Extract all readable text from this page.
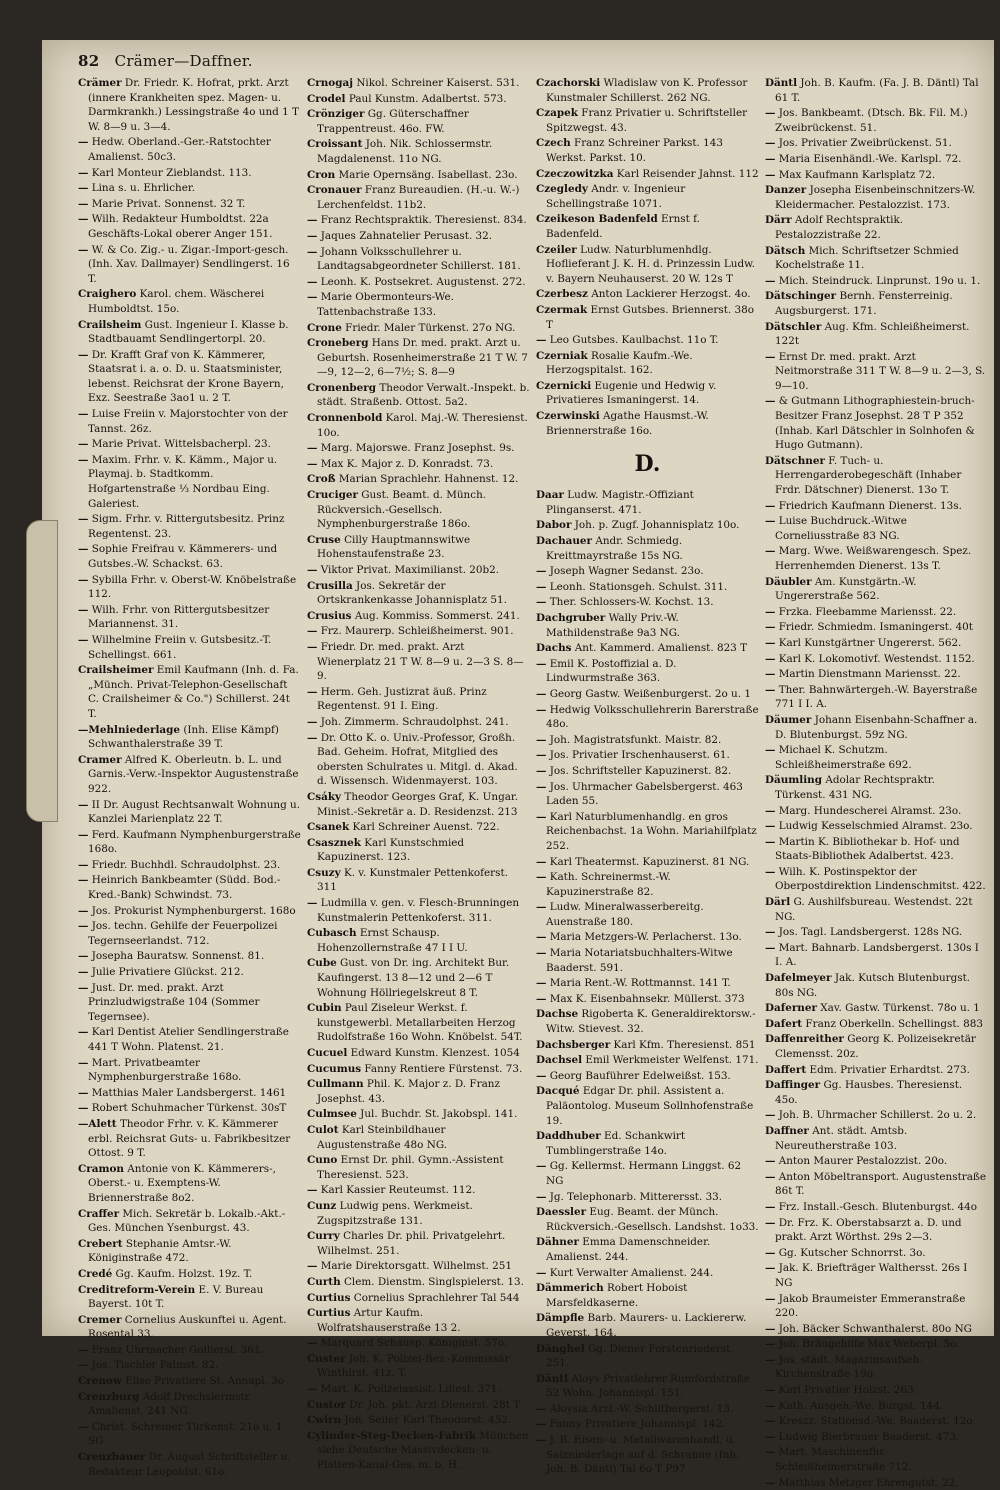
82 Crämer—Daffner.
Crämer Dr. Friedr. K. Hofrat, prkt. Arzt (innere Krankheiten spez. Magen- u. Darmkrankh.) Lessingstraße 4o und 1 T W. 8—9 u. 3—4.
— Hedw. Oberland.-Ger.-Ratstochter Amalienst. 50c3.
— Karl Monteur Zieblandst. 113.
— Lina s. u. Ehrlicher.
— Marie Privat. Sonnenst. 32 T.
— Wilh. Redakteur Humboldtst. 22a Geschäfts-Lokal oberer Anger 151.
— W. & Co. Zig.- u. Zigar.-Import-gesch. (Inh. Xav. Dallmayer) Sendlingerst. 16 T.
Craighero Karol. chem. Wäscherei Humboldtst. 15o.
Crailsheim Gust. Ingenieur I. Klasse b. Stadtbauamt Sendlingertorpl. 20.
— Dr. Krafft Graf von K. Kämmerer, Staatsrat i. a. o. D. u. Staatsminister, lebenst. Reichsrat der Krone Bayern, Exz. Seestraße 3ao1 u. 2 T.
— Luise Freiin v. Majorstochter von der Tannst. 26z.
— Marie Privat. Wittelsbacherpl. 23.
— Maxim. Frhr. v. K. Kämm., Major u. Playmaj. b. Stadtkomm. Hofgartenstraße ⅓ Nordbau Eing. Galeriest.
— Sigm. Frhr. v. Rittergutsbesitz. Prinz Regentenst. 23.
— Sophie Freifrau v. Kämmerers- und Gutsbes.-W. Schackst. 63.
— Sybilla Frhr. v. Oberst-W. Knöbelstraße 112.
— Wilh. Frhr. von Rittergutsbesitzer Mariannenst. 31.
— Wilhelmine Freiin v. Gutsbesitz.-T. Schellingst. 661.
Crailsheimer Emil Kaufmann (Inh. d. Fa. „Münch. Privat-Telephon-Gesellschaft C. Crailsheimer & Co.") Schillerst. 24t T.
—Mehlniederlage (Inh. Elise Kämpf) Schwanthalerstraße 39 T.
Cramer Alfred K. Oberleutn. b. L. und Garnis.-Verw.-Inspektor Augustenstraße 922.
— II Dr. August Rechtsanwalt Wohnung u. Kanzlei Marienplatz 22 T.
— Ferd. Kaufmann Nymphenburgerstraße 168o.
— Friedr. Buchhdl. Schraudolphst. 23.
— Heinrich Bankbeamter (Südd. Bod.-Kred.-Bank) Schwindst. 73.
— Jos. Prokurist Nymphenburgerst. 168o
— Jos. techn. Gehilfe der Feuerpolizei Tegernseerlandst. 712.
— Josepha Bauratsw. Sonnenst. 81.
— Julie Privatiere Glückst. 212.
— Just. Dr. med. prakt. Arzt Prinzludwigstraße 104 (Sommer Tegernsee).
— Karl Dentist Atelier Sendlingerstraße 441 T Wohn. Platenst. 21.
— Mart. Privatbeamter Nymphenburgerstraße 168o.
— Matthias Maler Landsbergerst. 1461
— Robert Schuhmacher Türkenst. 30sT
—Alett Theodor Frhr. v. K. Kämmerer erbl. Reichsrat Guts- u. Fabrikbesitzer Ottost. 9 T.
Cramon Antonie von K. Kämmerers-, Oberst.- u. Exemptens-W. Briennerstraße 8o2.
Craffer Mich. Sekretär b. Lokalb.-Akt.-Ges. München Ysenburgst. 43.
Crebert Stephanie Amtsr.-W. Königinstraße 472.
Credé Gg. Kaufm. Holzst. 19z. T.
Creditreform-Verein E. V. Bureau Bayerst. 10t T.
Cremer Cornelius Auskunftei u. Agent. Rosental 33.
— Franz Uhrmacher Gollierst. 361.
— Jos. Tischler Palmst. 82.
Crenow Elise Privatiere St. Annapl. 3o
Crenzburg Adolf Drechslermstr. Amalienst. 241 NG.
— Christ. Schreiner Türkenst. 21o u. 1 SG
Crenzbauer Dr. August Schriftsteller u. Redakteur Leopoldst. 61o.
Crnogaj Nikol. Schreiner Kaiserst. 531.
Crodel Paul Kunstm. Adalbertst. 573.
Crönziger Gg. Güterschaffner Trappentreust. 46o. FW.
Croissant Joh. Nik. Schlossermstr. Magdalenenst. 11o NG.
Cron Marie Opernsäng. Isabellast. 23o.
Cronauer Franz Bureaudien. (H.-u. W.-) Lerchenfeldst. 11b2.
— Franz Rechtspraktik. Theresienst. 834.
— Jaques Zahnatelier Perusast. 32.
— Johann Volksschullehrer u. Landtagsabgeordneter Schillerst. 181.
— Leonh. K. Postsekret. Augustenst. 272.
— Marie Obermonteurs-We. Tattenbachstraße 133.
Crone Friedr. Maler Türkenst. 27o NG.
Croneberg Hans Dr. med. prakt. Arzt u. Geburtsh. Rosenheimerstraße 21 T W. 7—9, 12—2, 6—7½; S. 8—9
Cronenberg Theodor Verwalt.-Inspekt. b. städt. Straßenb. Ottost. 5a2.
Cronnenbold Karol. Maj.-W. Theresienst. 10o.
— Marg. Majorswe. Franz Josephst. 9s.
— Max K. Major z. D. Konradst. 73.
Croß Marian Sprachlehr. Hahnenst. 12.
Cruciger Gust. Beamt. d. Münch. Rückversich.-Gesellsch. Nymphenburgerstraße 186o.
Cruse Cilly Hauptmannswitwe Hohenstaufenstraße 23.
— Viktor Privat. Maximilianst. 20b2.
Crusilla Jos. Sekretär der Ortskrankenkasse Johannisplatz 51.
Crusius Aug. Kommiss. Sommerst. 241.
— Frz. Maurerp. Schleißheimerst. 901.
— Friedr. Dr. med. prakt. Arzt Wienerplatz 21 T W. 8—9 u. 2—3 S. 8—9.
— Herm. Geh. Justizrat äuß. Prinz Regentenst. 91 I. Eing.
— Joh. Zimmerm. Schraudolphst. 241.
— Dr. Otto K. o. Univ.-Professor, Großh. Bad. Geheim. Hofrat, Mitglied des obersten Schulrates u. Mitgl. d. Akad. d. Wissensch. Widenmayerst. 103.
Csáky Theodor Georges Graf, K. Ungar. Minist.-Sekretär a. D. Residenzst. 213
Csanek Karl Schreiner Auenst. 722.
Csasznek Karl Kunstschmied Kapuzinerst. 123.
Csuzy K. v. Kunstmaler Pettenkoferst. 311
— Ludmilla v. gen. v. Flesch-Brunningen Kunstmalerin Pettenkoferst. 311.
Cubasch Ernst Schausp. Hohenzollernstraße 47 I I U.
Cube Gust. von Dr. ing. Architekt Bur. Kaufingerst. 13 8—12 und 2—6 T Wohnung Höllriegelskreut 8 T.
Cubin Paul Ziseleur Werkst. f. kunstgewerbl. Metallarbeiten Herzog Rudolfstraße 16o Wohn. Knöbelst. 54T.
Cucuel Edward Kunstm. Klenzest. 1054
Cucumus Fanny Rentiere Fürstenst. 73.
Cullmann Phil. K. Major z. D. Franz Josephst. 43.
Culmsee Jul. Buchdr. St. Jakobspl. 141.
Culot Karl Steinbildhauer Augustenstraße 48o NG.
Cuno Ernst Dr. phil. Gymn.-Assistent Theresienst. 523.
— Karl Kassier Reuteumst. 112.
Cunz Ludwig pens. Werkmeist. Zugspitzstraße 131.
Curry Charles Dr. phil. Privatgelehrt. Wilhelmst. 251.
— Marie Direktorsgatt. Wilhelmst. 251
Curth Clem. Dienstm. Singlspielerst. 13.
Curtius Cornelius Sprachlehrer Tal 544
Curtius Artur Kaufm. Wolfratshauserstraße 13 2.
— Marquard Schausp. Königinst. 57o.
Custer Joh. K. Polizei-Bez.-Kommissär Winthirst. 41z. T.
— Mart. K. Polizeiassist. Liliest. 371.
Custor Dr. Joh. pkt. Arzt Dienerst. 28t T
Cwirn Joh. Seiler Karl Theodorst. 452.
Cylinder-Steg-Decken-Fabrik München siehe Deutsche Massivdecken- u. Platten-Kanal-Ges. m. b. H.
Czachorski Wladislaw von K. Professor Kunstmaler Schillerst. 262 NG.
Czapek Franz Privatier u. Schriftsteller Spitzwegst. 43.
Czech Franz Schreiner Parkst. 143 Werkst. Parkst. 10.
Czeczowitzka Karl Reisender Jahnst. 112
Czegledy Andr. v. Ingenieur Schellingstraße 1071.
Czeikeson Badenfeld Ernst f. Badenfeld.
Czeiler Ludw. Naturblumenhdlg. Hoflieferant J. K. H. d. Prinzessin Ludw. v. Bayern Neuhauserst. 20 W. 12s T
Czerbesz Anton Lackierer Herzogst. 4o.
Czermak Ernst Gutsbes. Briennerst. 38o T
— Leo Gutsbes. Kaulbachst. 11o T.
Czerniak Rosalie Kaufm.-We. Herzogspitalst. 162.
Czernicki Eugenie und Hedwig v. Privatieres Ismaningerst. 14.
Czerwinski Agathe Hausmst.-W. Briennerstraße 16o.
D.
Daar Ludw. Magistr.-Offiziant Plinganserst. 471.
Dabor Joh. p. Zugf. Johannisplatz 10o.
Dachauer Andr. Schmiedg. Kreittmayrstraße 15s NG.
— Joseph Wagner Sedanst. 23o.
— Leonh. Stationsgeh. Schulst. 311.
— Ther. Schlossers-W. Kochst. 13.
Dachgruber Wally Priv.-W. Mathildenstraße 9a3 NG.
Dachs Ant. Kammerd. Amalienst. 823 T
— Emil K. Postoffizial a. D. Lindwurmstraße 363.
— Georg Gastw. Weißenburgerst. 2o u. 1
— Hedwig Volksschullehrerin Barerstraße 48o.
— Joh. Magistratsfunkt. Maistr. 82.
— Jos. Privatier Irschenhauserst. 61.
— Jos. Schriftsteller Kapuzinerst. 82.
— Jos. Uhrmacher Gabelsbergerst. 463 Laden 55.
— Karl Naturblumenhandlg. en gros Reichenbachst. 1a Wohn. Mariahilfplatz 252.
— Karl Theatermst. Kapuzinerst. 81 NG.
— Kath. Schreinermst.-W. Kapuzinerstraße 82.
— Ludw. Mineralwasserbereitg. Auenstraße 180.
— Maria Metzgers-W. Perlacherst. 13o.
— Maria Notariatsbuchhalters-Witwe Baaderst. 591.
— Maria Rent.-W. Rottmannst. 141 T.
— Max K. Eisenbahnsekr. Müllerst. 373
Dachse Rigoberta K. Generaldirektorsw.-Witw. Stievest. 32.
Dachsberger Karl Kfm. Theresienst. 851
Dachsel Emil Werkmeister Welfenst. 171.
— Georg Bauführer Edelweißst. 153.
Dacqué Edgar Dr. phil. Assistent a. Paläontolog. Museum Sollnhofenstraße 19.
Daddhuber Ed. Schankwirt Tumblingerstraße 14o.
— Gg. Kellermst. Hermann Linggst. 62 NG
— Jg. Telephonarb. Mitterersst. 33.
Daessler Eug. Beamt. der Münch. Rückversich.-Gesellsch. Landshst. 1o33.
Dähner Emma Damenschneider. Amalienst. 244.
— Kurt Verwalter Amalienst. 244.
Dämmerich Robert Hoboist Marsfeldkaserne.
Dämpfle Barb. Maurers- u. Lackiererw. Geyerst. 164.
Dänghel Gg. Diener Forstenriederst. 251.
Däntl Aloys Privatlehrer Rumfordstraße 52 Wohn. Johannispl. 151.
— Aloysia Arzt.-W. Schiltbergerst. 13.
— Fanny Privatiere Johannispl. 142.
— J. B. Eisen- u. Metallwarenhandl. u. Salzniederlage auf d. Schranne (Inh. Joh. B. Däntl) Tal 6o T P97
Däntl Joh. B. Kaufm. (Fa. J. B. Däntl) Tal 61 T.
— Jos. Bankbeamt. (Dtsch. Bk. Fil. M.) Zweibrückenst. 51.
— Jos. Privatier Zweibrückenst. 51.
— Maria Eisenhändl.-We. Karlspl. 72.
— Max Kaufmann Karlsplatz 72.
Danzer Josepha Eisenbeinschnitzers-W. Kleidermacher. Pestalozzist. 173.
Därr Adolf Rechtspraktik. Pestalozzistraße 22.
Dätsch Mich. Schriftsetzer Schmied Kochelstraße 11.
— Mich. Steindruck. Linprunst. 19o u. 1.
Dätschinger Bernh. Fensterreinig. Augsburgerst. 171.
Dätschler Aug. Kfm. Schleißheimerst. 122t
— Ernst Dr. med. prakt. Arzt Neitmorstraße 311 T W. 8—9 u. 2—3, S. 9—10.
— & Gutmann Lithographiestein-bruch-Besitzer Franz Josephst. 28 T P 352 (Inhab. Karl Dätschler in Solnhofen & Hugo Gutmann).
Dätschner F. Tuch- u. Herrengarderobegeschäft (Inhaber Frdr. Dätschner) Dienerst. 13o T.
— Friedrich Kaufmann Dienerst. 13s.
— Luise Buchdruck.-Witwe Corneliusstraße 83 NG.
— Marg. Wwe. Weißwarengesch. Spez. Herrenhemden Dienerst. 13s T.
Däubler Am. Kunstgärtn.-W. Ungererstraße 562.
— Frzka. Fleebamme Mariensst. 22.
— Friedr. Schmiedm. Ismaningerst. 40t
— Karl Kunstgärtner Ungererst. 562.
— Karl K. Lokomotivf. Westendst. 1152.
— Martin Dienstmann Mariensst. 22.
— Ther. Bahnwärtergeh.-W. Bayerstraße 771 I I. A.
Däumer Johann Eisenbahn-Schaffner a. D. Blutenburgst. 59z NG.
— Michael K. Schutzm. Schleißheimerstraße 692.
Däumling Adolar Rechtspraktr. Türkenst. 431 NG.
— Marg. Hundescherei Alramst. 23o.
— Ludwig Kesselschmied Alramst. 23o.
— Martin K. Bibliothekar b. Hof- und Staats-Bibliothek Adalbertst. 423.
— Wilh. K. Postinspektor der Oberpostdirektion Lindenschmitst. 422.
Därl G. Aushilfsbureau. Westendst. 22t NG.
— Jos. Tagl. Landsbergerst. 128s NG.
— Mart. Bahnarb. Landsbergerst. 130s I I. A.
Dafelmeyer Jak. Kutsch Blutenburgst. 80s NG.
Daferner Xav. Gastw. Türkenst. 78o u. 1
Dafert Franz Oberkelln. Schellingst. 883
Daffenreither Georg K. Polizeisekretär Clemensst. 20z.
Daffert Edm. Privatier Erhardtst. 273.
Daffinger Gg. Hausbes. Theresienst. 45o.
— Joh. B. Uhrmacher Schillerst. 2o u. 2.
Daffner Ant. städt. Amtsb. Neureutherstraße 103.
— Anton Maurer Pestalozzist. 20o.
— Anton Möbeltransport. Augustenstraße 86t T.
— Frz. Install.-Gesch. Blutenburgst. 44o
— Dr. Frz. K. Oberstabsarzt a. D. und prakt. Arzt Wörthst. 29s 2—3.
— Gg. Kutscher Schnorrst. 3o.
— Jak. K. Briefträger Walthersst. 26s I NG
— Jakob Braumeister Emmeranstraße 220.
— Joh. Bäcker Schwanthalerst. 80o NG
— Joh. Bräugehilfe Max Weberpl. 5o.
— Jos. städt. Magazinsaufseh. Kirchenstraße 19o.
— Karl Privatier Holzst. 263.
— Kath. Ausgeh.-We. Burgst. 144.
— Kreszz. Stationsd.-We. Baaderst. 12o.
— Ludwig Bierbrauer Baaderst. 473.
— Mart. Maschinenfhr. Schleißheimerstraße 712.
— Matthias Metzger Ehrengutst. 22.
